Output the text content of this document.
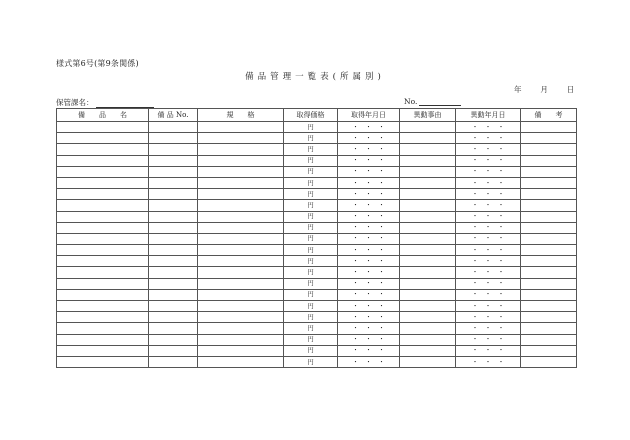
様式第6号(第9条関係)
備品管理一覧表(所属別)
年	月	日
保管課名：	No.
備　　品　　名	備 品 No.	規　　格	取得価格	取得年月日	異動事由	異動年月日	備　　考
			円	・　・　・		・　・　・	
			円	・　・　・		・　・　・	
			円	・　・　・		・　・　・	
			円	・　・　・		・　・　・	
			円	・　・　・		・　・　・	
			円	・　・　・		・　・　・	
			円	・　・　・		・　・　・	
			円	・　・　・		・　・　・	
			円	・　・　・		・　・　・	
			円	・　・　・		・　・　・	
			円	・　・　・		・　・　・	
			円	・　・　・		・　・　・	
			円	・　・　・		・　・　・	
			円	・　・　・		・　・　・	
			円	・　・　・		・　・　・	
			円	・　・　・		・　・　・	
			円	・　・　・		・　・　・	
			円	・　・　・		・　・　・	
			円	・　・　・		・　・　・	
			円	・　・　・		・　・　・	
			円	・　・　・		・　・　・	
			円	・　・　・		・　・　・	
